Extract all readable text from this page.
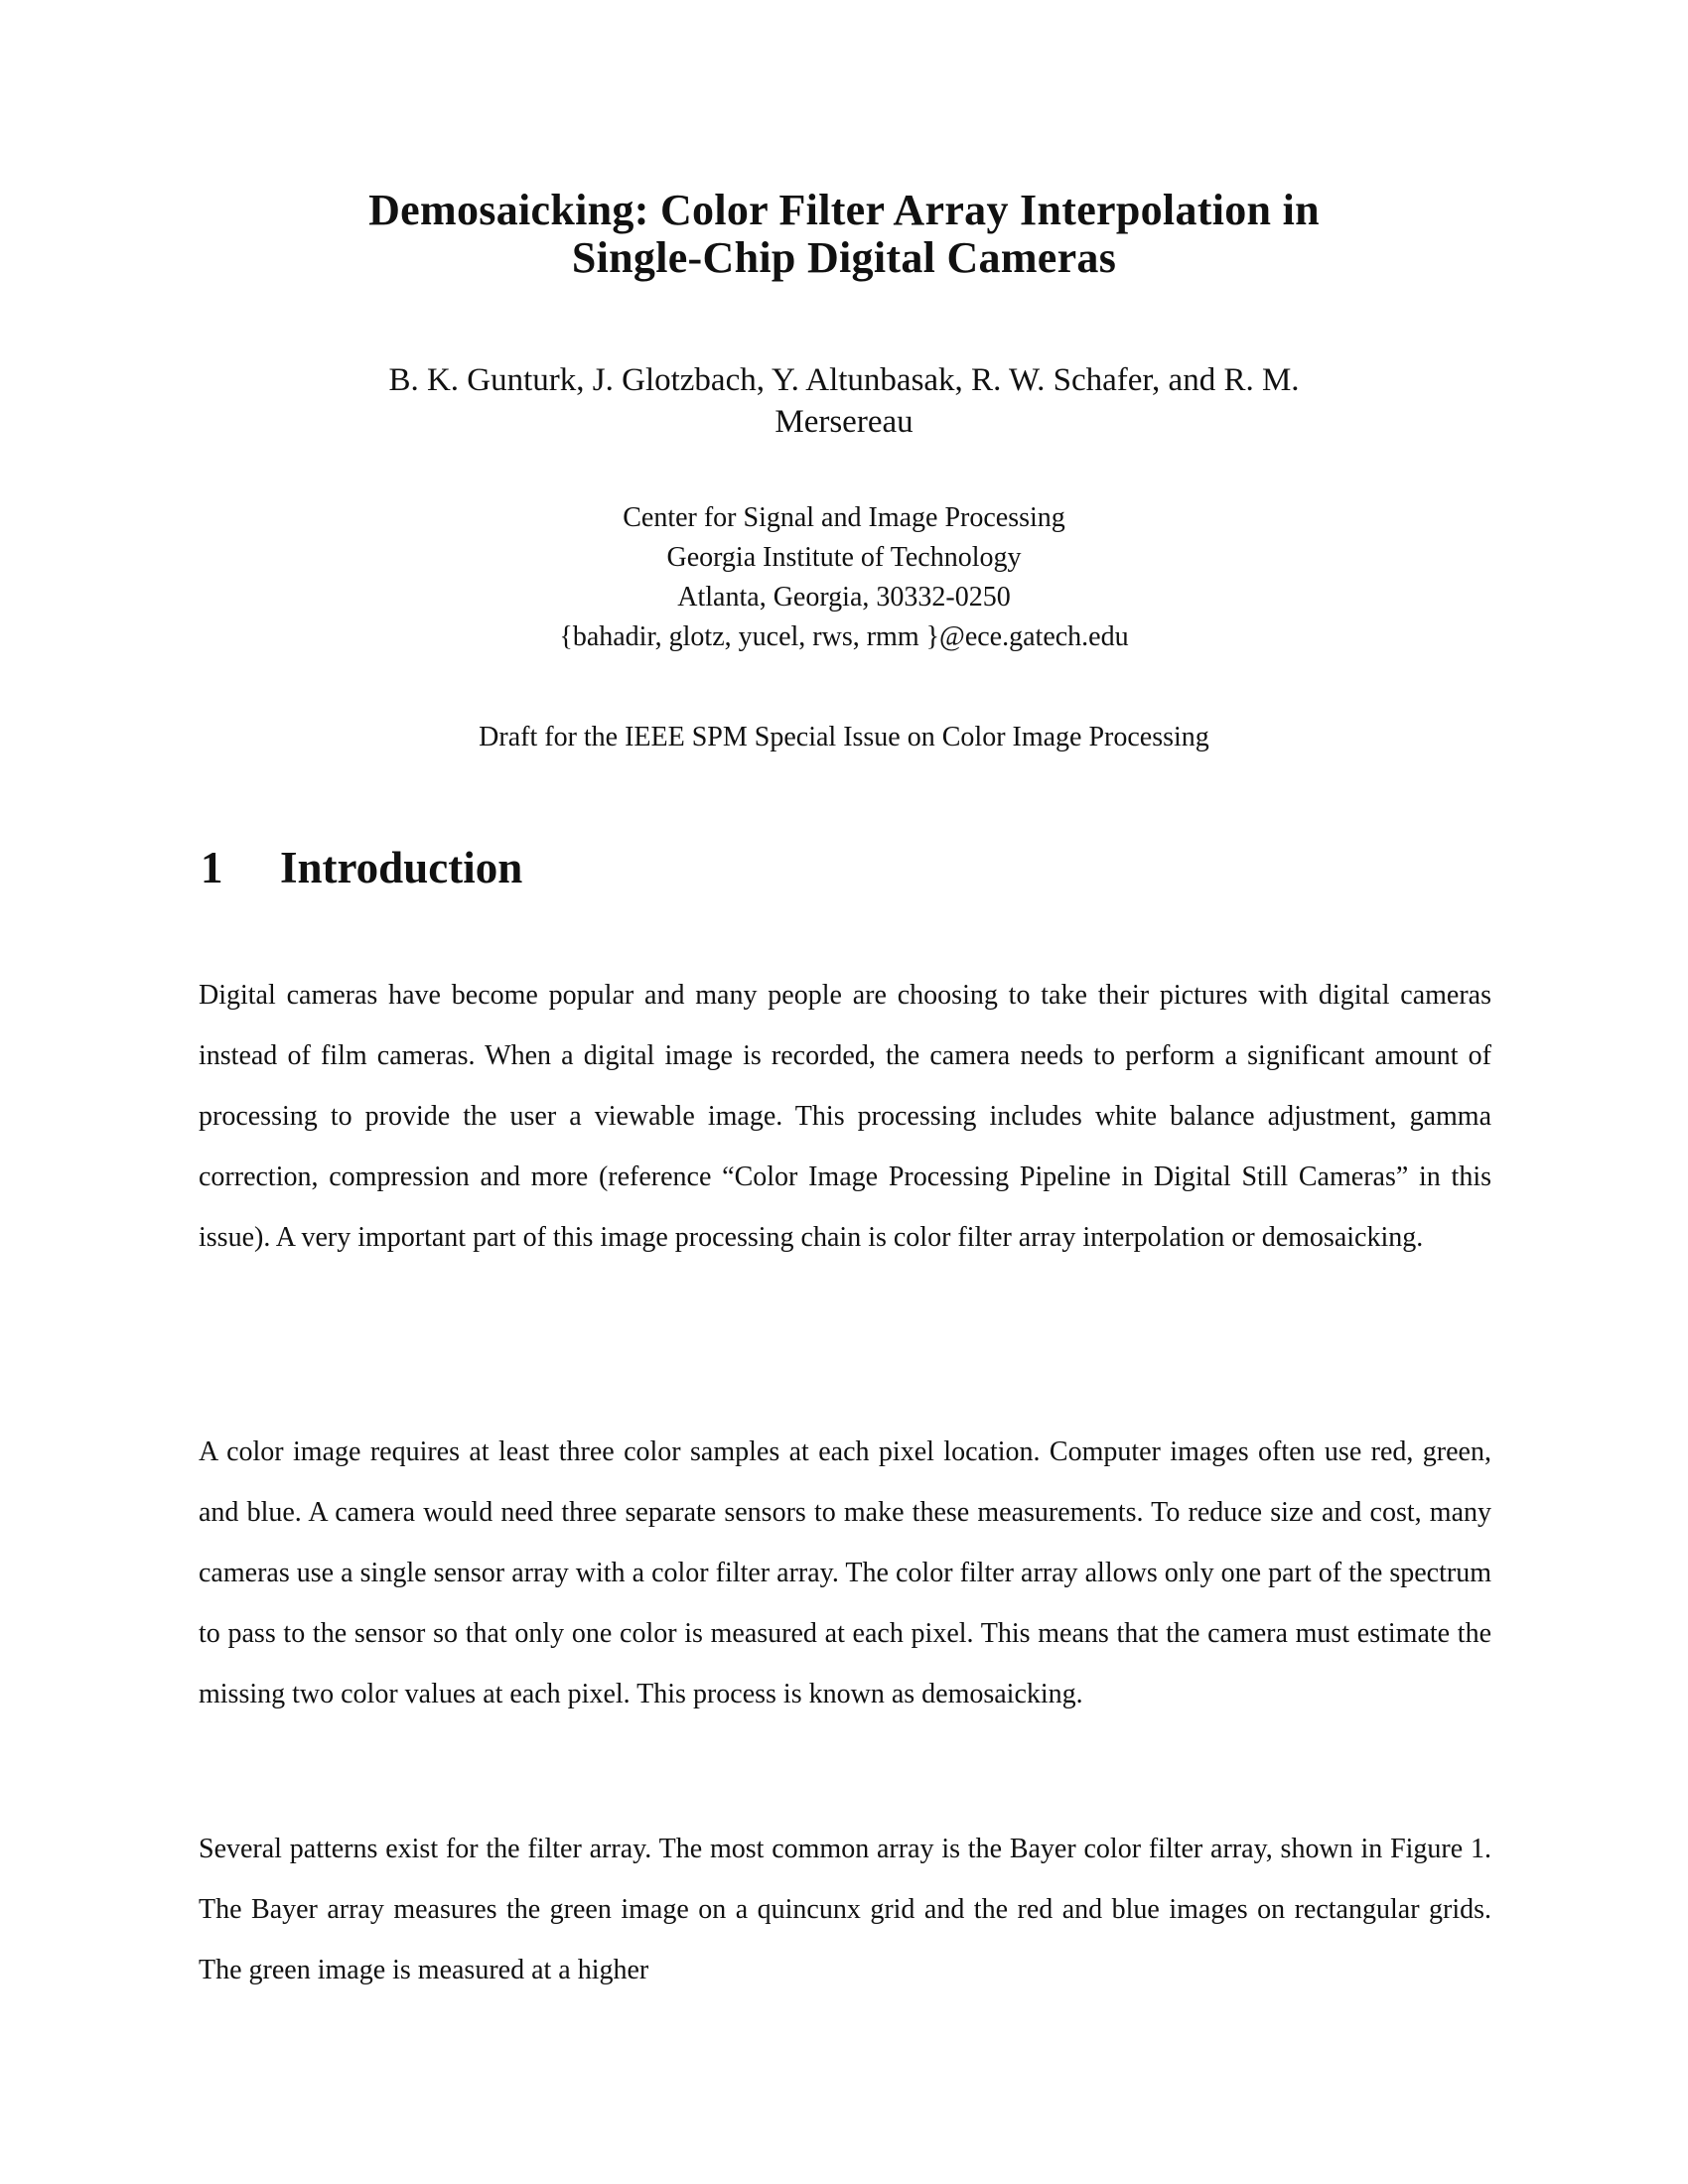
Demosaicking: Color Filter Array Interpolation in
Single-Chip Digital Cameras
B. K. Gunturk, J. Glotzbach, Y. Altunbasak, R. W. Schafer, and R. M.
Mersereau
Center for Signal and Image Processing
Georgia Institute of Technology
Atlanta, Georgia, 30332-0250
{bahadir, glotz, yucel, rws, rmm }@ece.gatech.edu
Draft for the IEEE SPM Special Issue on Color Image Processing
1 Introduction

Digital cameras have become popular and many people are choosing to take their pictures with digital cameras instead of film cameras. When a digital image is recorded, the camera needs to perform a significant amount of processing to provide the user a viewable image. This processing includes white balance adjustment, gamma correction, compression and more (reference “Color Image Processing Pipeline in Digital Still Cameras” in this issue). A very important part of this image processing chain is color filter array interpolation or demosaicking.

A color image requires at least three color samples at each pixel location. Computer images often use red, green, and blue. A camera would need three separate sensors to make these measurements. To reduce size and cost, many cameras use a single sensor array with a color filter array. The color filter array allows only one part of the spectrum to pass to the sensor so that only one color is measured at each pixel. This means that the camera must estimate the missing two color values at each pixel. This process is known as demosaicking.

Several patterns exist for the filter array. The most common array is the Bayer color filter array, shown in Figure 1. The Bayer array measures the green image on a quincunx grid and the red and blue images on rectangular grids. The green image is measured at a higher
